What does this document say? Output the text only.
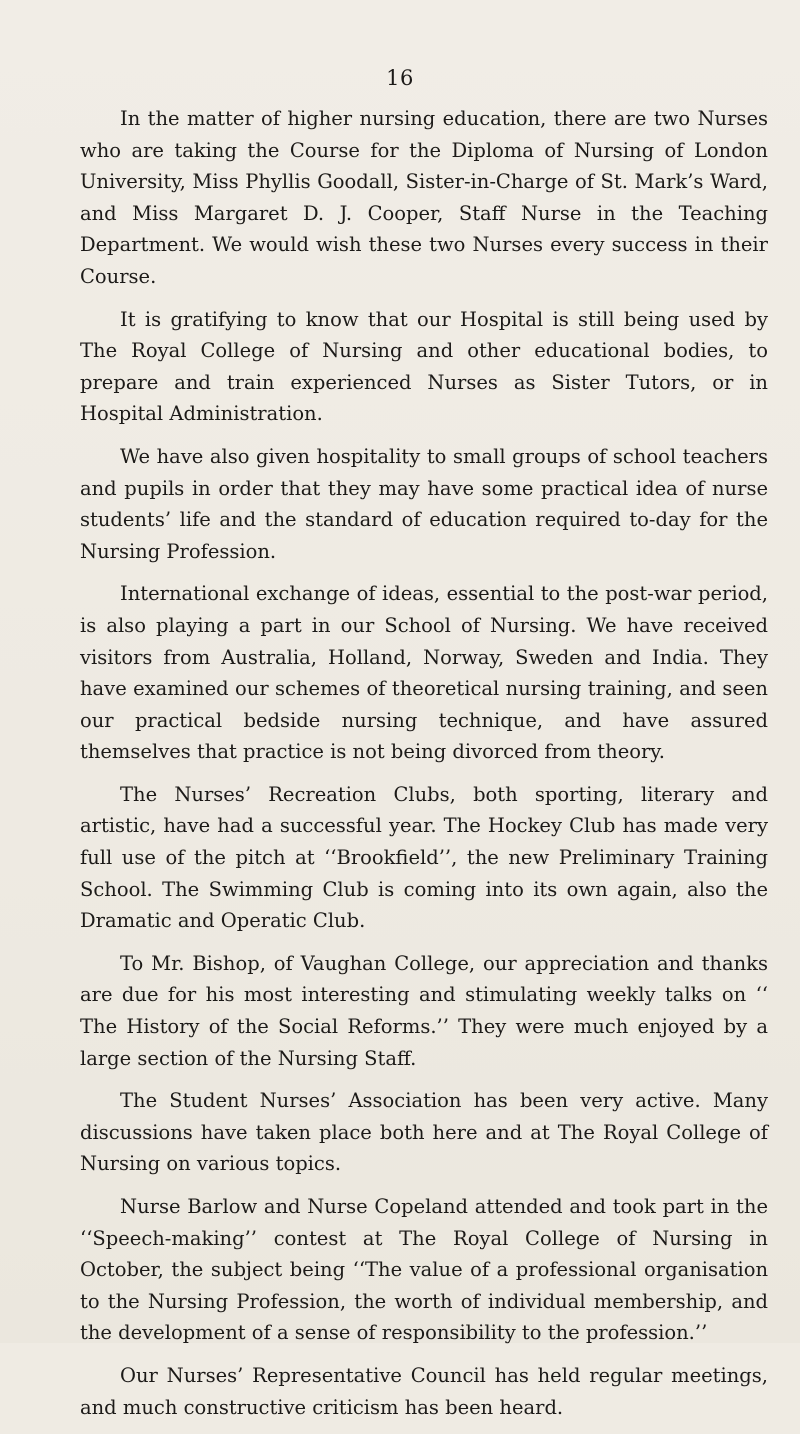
16

In the matter of higher nursing education, there are two Nurses who are taking the Course for the Diploma of Nursing of London University, Miss Phyllis Goodall, Sister-in-Charge of St. Mark’s Ward, and Miss Margaret D. J. Cooper, Staff Nurse in the Teaching Department. We would wish these two Nurses every success in their Course.

It is gratifying to know that our Hospital is still being used by The Royal College of Nursing and other educational bodies, to prepare and train experienced Nurses as Sister Tutors, or in Hospital Administration.

We have also given hospitality to small groups of school teachers and pupils in order that they may have some practical idea of nurse students’ life and the standard of education required to-day for the Nursing Profession.

International exchange of ideas, essential to the post-war period, is also playing a part in our School of Nursing. We have received visitors from Australia, Holland, Norway, Sweden and India. They have examined our schemes of theoretical nursing training, and seen our practical bedside nursing technique, and have assured themselves that practice is not being divorced from theory.

The Nurses’ Recreation Clubs, both sporting, literary and artistic, have had a successful year. The Hockey Club has made very full use of the pitch at ‘‘Brookfield’’, the new Preliminary Training School. The Swimming Club is coming into its own again, also the Dramatic and Operatic Club.

To Mr. Bishop, of Vaughan College, our appreciation and thanks are due for his most interesting and stimulating weekly talks on ‘‘ The History of the Social Reforms.’’ They were much enjoyed by a large section of the Nursing Staff.

The Student Nurses’ Association has been very active. Many discussions have taken place both here and at The Royal College of Nursing on various topics.

Nurse Barlow and Nurse Copeland attended and took part in the ‘‘Speech-making’’ contest at The Royal College of Nursing in October, the subject being ‘‘The value of a professional organisation to the Nursing Profession, the worth of individual membership, and the development of a sense of responsibility to the profession.’’

Our Nurses’ Representative Council has held regular meetings, and much constructive criticism has been heard.
